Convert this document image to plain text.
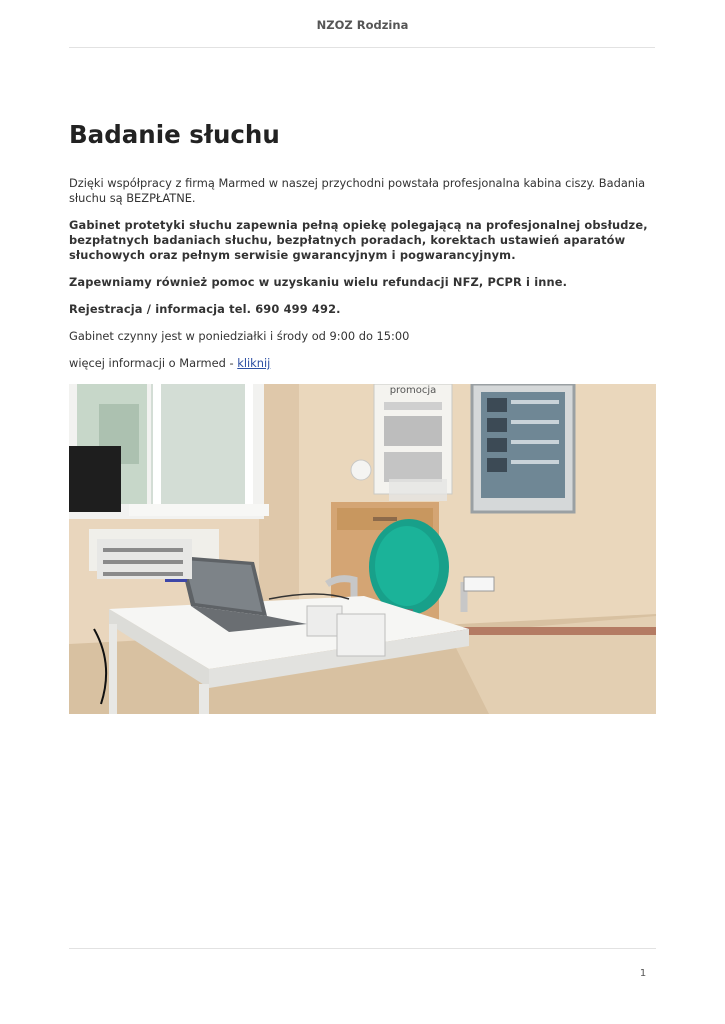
NZOZ Rodzina
Badanie słuchu

Dzięki współpracy z firmą Marmed w naszej przychodni powstała profesjonalna kabina ciszy. Badania słuchu są BEZPŁATNE.

Gabinet protetyki słuchu zapewnia pełną opiekę polegającą na profesjonalnej obsłudze, bezpłatnych badaniach słuchu, bezpłatnych poradach, korektach ustawień aparatów słuchowych oraz pełnym serwisie gwarancyjnym i pogwarancyjnym.

Zapewniamy również pomoc w uzyskaniu wielu refundacji NFZ, PCPR i inne.

Rejestracja / informacja tel. 690 499 492.

Gabinet czynny jest w poniedziałki i środy od 9:00 do 15:00

więcej informacji o Marmed - kliknij

promocja
1
